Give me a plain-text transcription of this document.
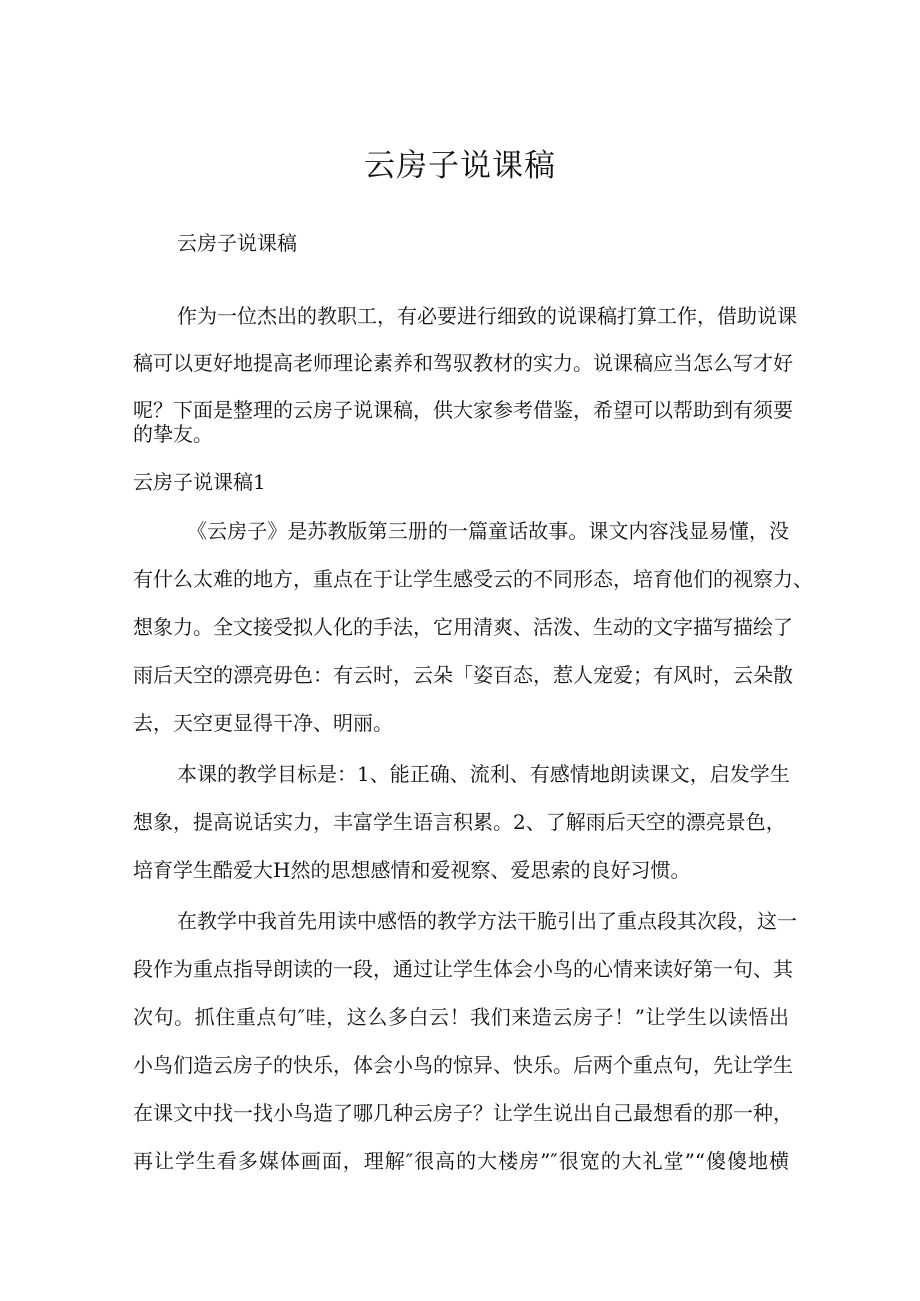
云房子说课稿
云房子说课稿
作为一位杰出的教职工，有必要进行细致的说课稿打算工作，借助说课
稿可以更好地提高老师理论素养和驾驭教材的实力。说课稿应当怎么写才好
呢？下面是整理的云房子说课稿，供大家参考借鉴，希望可以帮助到有须要
的挚友。
云房子说课稿1
《云房子》是苏教版第三册的一篇童话故事。课文内容浅显易懂，没
有什么太难的地方，重点在于让学生感受云的不同形态，培育他们的视察力、
想象力。全文接受拟人化的手法，它用清爽、活泼、生动的文字描写描绘了
雨后天空的漂亮毋色：有云时，云朵「姿百态，惹人宠爱；有风时，云朵散
去，天空更显得干净、明丽。
本课的教学目标是：1、能正确、流利、有感情地朗读课文，启发学生
想象，提高说话实力，丰富学生语言积累。2、了解雨后天空的漂亮景色，
培育学生酷爱大H然的思想感情和爱视察、爱思索的良好习惯。
在教学中我首先用读中感悟的教学方法干脆引出了重点段其次段，这一
段作为重点指导朗读的一段，通过让学生体会小鸟的心情来读好第一句、其
次句。抓住重点句″哇，这么多白云！我们来造云房子！”让学生以读悟出
小鸟们造云房子的快乐，体会小鸟的惊异、快乐。后两个重点句，先让学生
在课文中找一找小鸟造了哪几种云房子？让学生说出自己最想看的那一种，
再让学生看多媒体画面，理解″很高的大楼房”″很宽的大礼堂”“傻傻地横
